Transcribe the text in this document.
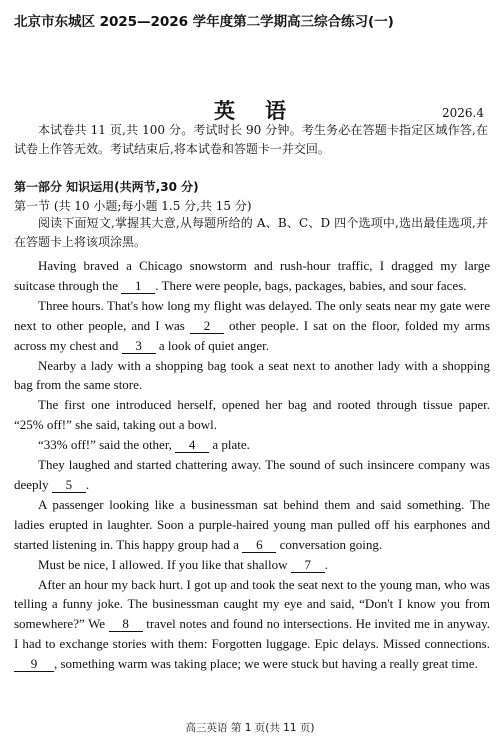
北京市东城区 2025—2026 学年度第二学期高三综合练习(一)
英语	2026.4
本试卷共 11 页,共 100 分。考试时长 90 分钟。考生务必在答题卡指定区域作答,在试卷上作答无效。考试结束后,将本试卷和答题卡一并交回。
第一部分 知识运用(共两节,30 分)
第一节 (共 10 小题;每小题 1.5 分,共 15 分)
阅读下面短文,掌握其大意,从每题所给的 A、B、C、D 四个选项中,选出最佳选项,并在答题卡上将该项涂黑。

Having braved a Chicago snowstorm and rush-hour traffic, I dragged my large suitcase through the 1 . There were people, bags, packages, babies, and sour faces.

Three hours. That's how long my flight was delayed. The only seats near my gate were next to other people, and I was 2 other people. I sat on the floor, folded my arms across my chest and 3 a look of quiet anger.

Nearby a lady with a shopping bag took a seat next to another lady with a shopping bag from the same store.

The first one introduced herself, opened her bag and rooted through tissue paper. “25% off!” she said, taking out a bowl.

“33% off!” said the other, 4 a plate.

They laughed and started chattering away. The sound of such insincere company was deeply 5 .

A passenger looking like a businessman sat behind them and said something. The ladies erupted in laughter. Soon a purple-haired young man pulled off his earphones and started listening in. This happy group had a 6 conversation going.

Must be nice, I allowed. If you like that shallow 7 .

After an hour my back hurt. I got up and took the seat next to the young man, who was telling a funny joke. The businessman caught my eye and said, “Don't I know you from somewhere?” We 8 travel notes and found no intersections. He invited me in anyway. I had to exchange stories with them: Forgotten luggage. Epic delays. Missed connections. 9 , something warm was taking place; we were stuck but having a really great time.

高三英语 第 1 页(共 11 页)
